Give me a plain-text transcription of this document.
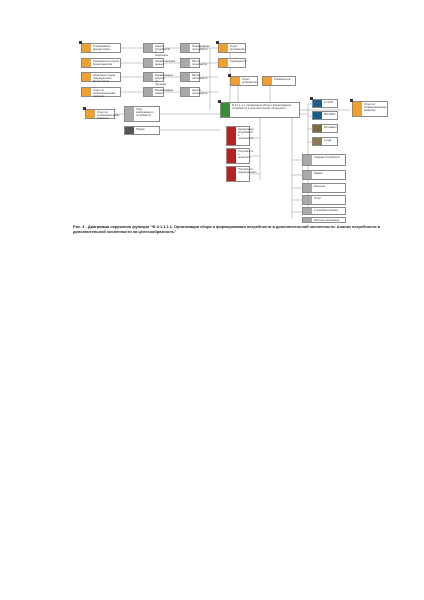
Планирование фонда оплаты
Руководитель отдела бизнес-анализа
Начальник отдела подразделения Бизнес-блока
Отдел по организационному развитию
Анализ потребности в персонале
Предоставление данных
Формирование запроса на обучение
Формирование заявки
Планирование численности
Расчет потребности
Расчет численности
Анализ численности
Отдел оргразвития
Руководитель
Отдел оргразвития
Руководитель
Отдел по организационному развитию
Сбор информации о потребности
Приказ
Ф-3.1.1.1.1. Организация сбора и формирования потребности в дополнительной численности
Организация потребности в численности
Потребность в персонале
Потребность подразделения
1С:ЗУП
MS Office
Регламент
e-mail
Отдел по организационному развитию
Сводная потребность
Заявка
Решение
Отчет
Служебная записка
Штатное расписание
Рис. 3 - Диаграмма окружения функции "Ф-3.1.1.1.1. Организация сбора и формирования потребности в дополнительной численности. Анализ потребности в дополнительной численности на целесообразность"
